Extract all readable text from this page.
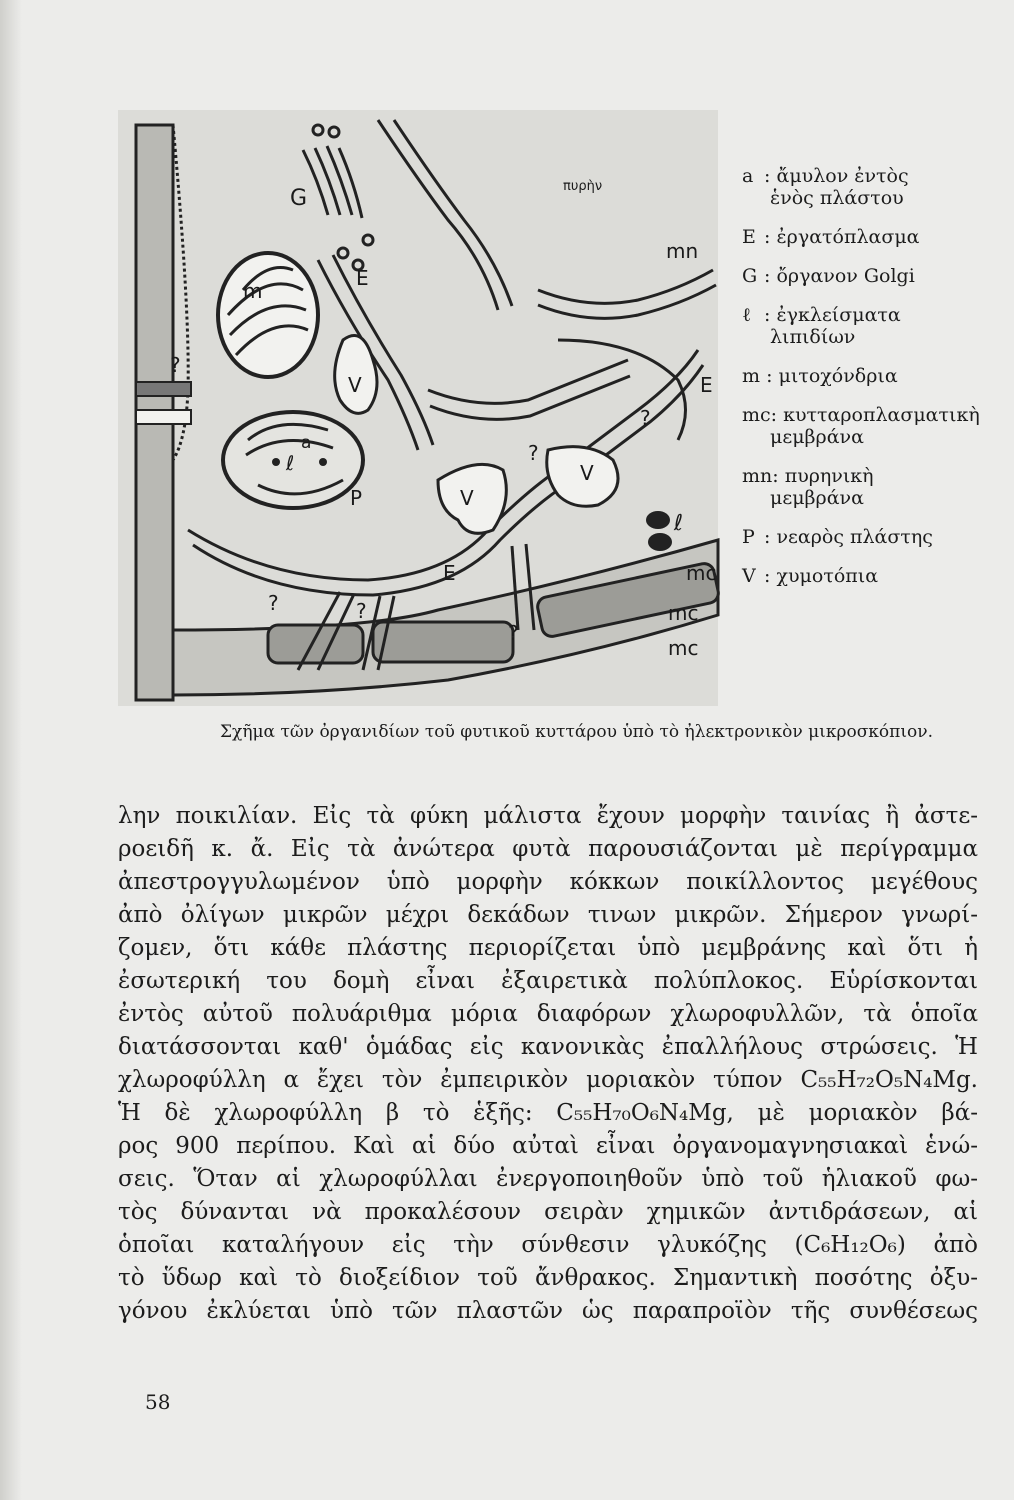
G
m
E
E
E
V
V
V
mn
P
a
ℓ
ℓ
mc
mc
mc
πυρὴν
?
?
?	?
?
?
a : ἄμυλον ἐντὸς
ἑνὸς πλάστου
E : ἐργατόπλασμα
G : ὄργανον Golgi
ℓ : ἐγκλείσματα
λιπιδίων
m : μιτοχόνδρια
mc: κυτταροπλασματικὴ
μεμβράνα
mn: πυρηνικὴ
μεμβράνα
P : νεαρὸς πλάστης
V : χυμοτόπια
Σχῆμα τῶν ὀργανιδίων τοῦ φυτικοῦ κυττάρου ὑπὸ τὸ ἠλεκτρονικὸν μικροσκόπιον.
λην ποικιλίαν. Εἰς τὰ φύκη μάλιστα ἔχουν μορφὴν ταινίας ἢ ἀστε-
ροειδῆ κ. ἄ. Εἰς τὰ ἀνώτερα φυτὰ παρουσιάζονται μὲ περίγραμμα
ἀπεστρογγυλωμένον ὑπὸ μορφὴν κόκκων ποικίλλοντος μεγέθους
ἀπὸ ὀλίγων μικρῶν μέχρι δεκάδων τινων μικρῶν. Σήμερον γνωρί-
ζομεν, ὅτι κάθε πλάστης περιορίζεται ὑπὸ μεμβράνης καὶ ὅτι ἡ
ἐσωτερική του δομὴ εἶναι ἐξαιρετικὰ πολύπλοκος. Εὑρίσκονται
ἐντὸς αὐτοῦ πολυάριθμα μόρια διαφόρων χλωροφυλλῶν, τὰ ὁποῖα
διατάσσονται καθ' ὁμάδας εἰς κανονικὰς ἐπαλλήλους στρώσεις. Ἡ
χλωροφύλλη α ἔχει τὸν ἐμπειρικὸν μοριακὸν τύπον C₅₅H₇₂O₅N₄Mg.
Ἡ δὲ χλωροφύλλη β τὸ ἑξῆς: C₅₅H₇₀O₆N₄Mg, μὲ μοριακὸν βά-
ρος 900 περίπου. Καὶ αἱ δύο αὐταὶ εἶναι ὀργανομαγνησιακαὶ ἑνώ-
σεις. Ὅταν αἱ χλωροφύλλαι ἐνεργοποιηθοῦν ὑπὸ τοῦ ἡλιακοῦ φω-
τὸς δύνανται νὰ προκαλέσουν σειρὰν χημικῶν ἀντιδράσεων, αἱ
ὁποῖαι καταλήγουν εἰς τὴν σύνθεσιν γλυκόζης (C₆H₁₂O₆) ἀπὸ
τὸ ὕδωρ καὶ τὸ διοξείδιον τοῦ ἄνθρακος. Σημαντικὴ ποσότης ὀξυ-
γόνου ἐκλύεται ὑπὸ τῶν πλαστῶν ὡς παραπροϊὸν τῆς συνθέσεως
58
